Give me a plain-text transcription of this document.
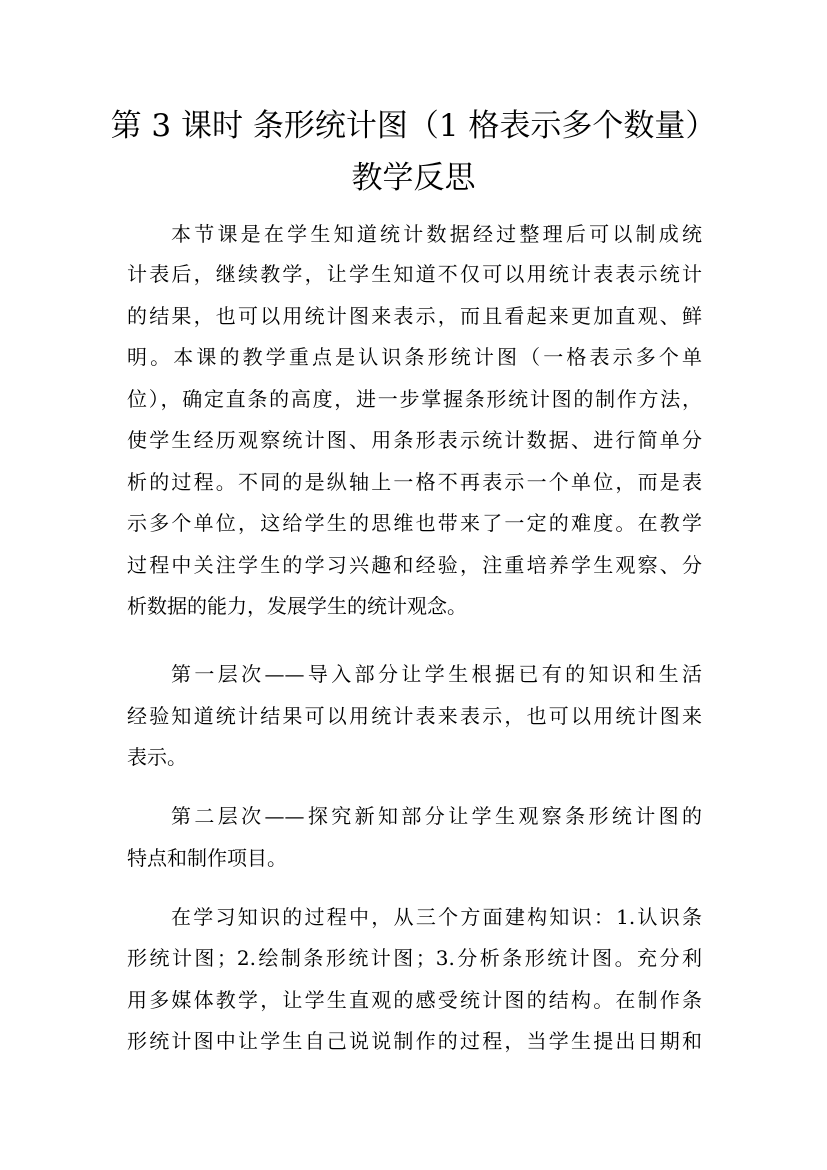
第 3 课时 条形统计图（1 格表示多个数量）
教学反思
本节课是在学生知道统计数据经过整理后可以制成统
计表后，继续教学，让学生知道不仅可以用统计表表示统计
的结果，也可以用统计图来表示，而且看起来更加直观、鲜
明。本课的教学重点是认识条形统计图（一格表示多个单
位），确定直条的高度，进一步掌握条形统计图的制作方法，
使学生经历观察统计图、用条形表示统计数据、进行简单分
析的过程。不同的是纵轴上一格不再表示一个单位，而是表
示多个单位，这给学生的思维也带来了一定的难度。在教学
过程中关注学生的学习兴趣和经验，注重培养学生观察、分
析数据的能力，发展学生的统计观念。
第一层次——导入部分让学生根据已有的知识和生活
经验知道统计结果可以用统计表来表示，也可以用统计图来
表示。
第二层次——探究新知部分让学生观察条形统计图的
特点和制作项目。
在学习知识的过程中，从三个方面建构知识：1.认识条
形统计图；2.绘制条形统计图；3.分析条形统计图。充分利
用多媒体教学，让学生直观的感受统计图的结构。在制作条
形统计图中让学生自己说说制作的过程，当学生提出日期和
